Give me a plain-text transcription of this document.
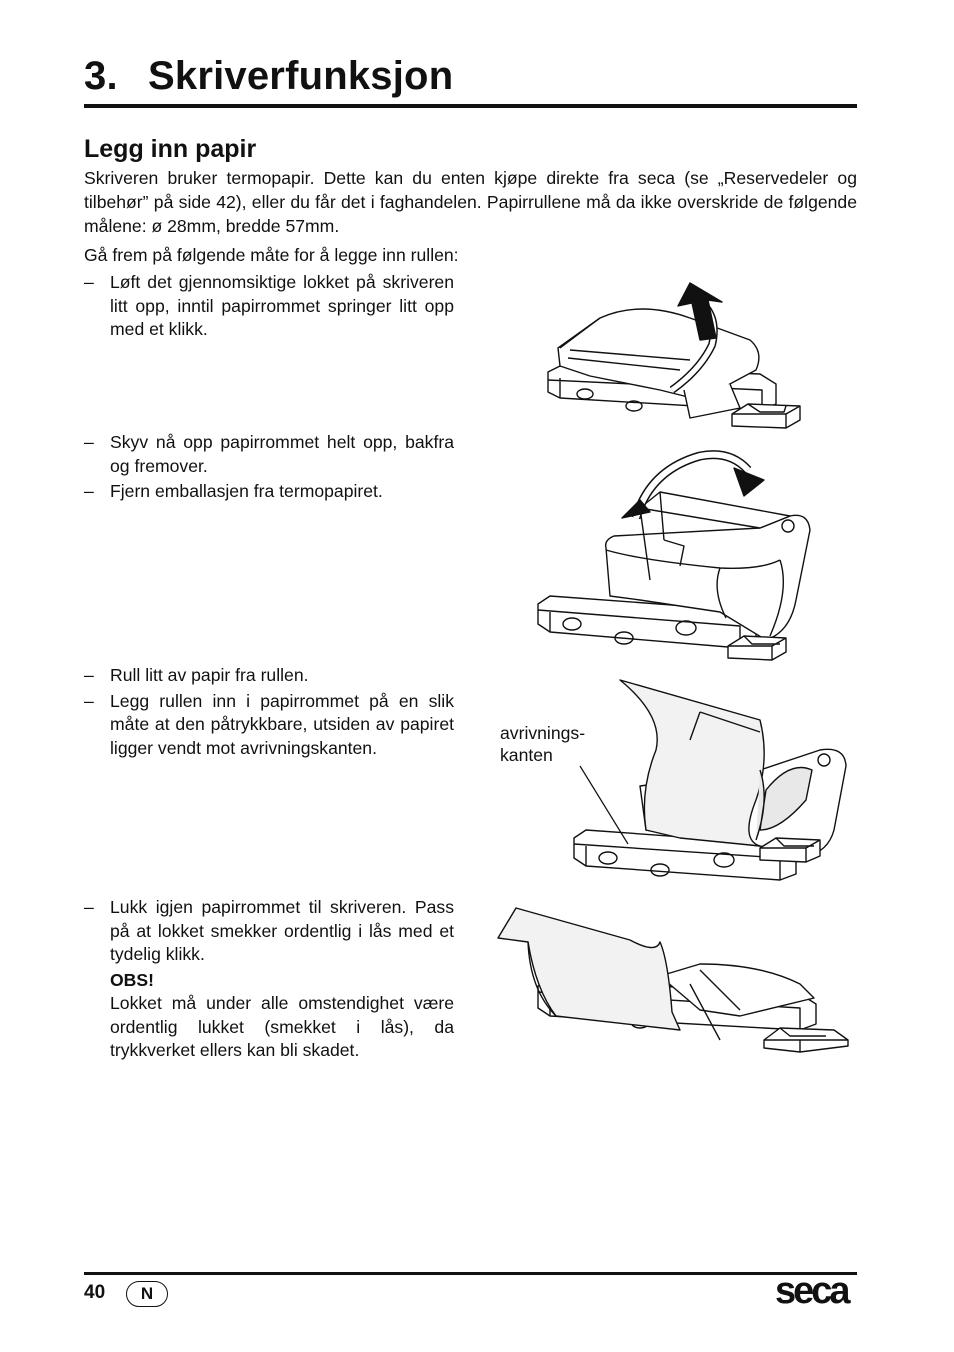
3. Skriverfunksjon
Legg inn papir
Skriveren bruker termopapir. Dette kan du enten kjøpe direkte fra seca (se „Reservedeler og tilbehør” på side 42), eller du får det i faghandelen. Papirrullene må da ikke overskride de følgende målene: ø 28mm, bredde 57mm.
Gå frem på følgende måte for å legge inn rullen:
– Løft det gjennomsiktige lokket på skriveren litt opp, inntil papirrommet springer litt opp med et klikk.
– Skyv nå opp papirrommet helt opp, bakfra og fremover.
– Fjern emballasjen fra termopapiret.
– Rull litt av papir fra rullen.
– Legg rullen inn i papirrommet på en slik måte at den påtrykkbare, utsiden av papiret ligger vendt mot avrivningskanten.
– Lukk igjen papirrommet til skriveren. Pass på at lokket smekker ordentlig i lås med et tydelig klikk.
OBS!
Lokket må under alle omstendighet være ordentlig lukket (smekket i lås), da trykkverket ellers kan bli skadet.
avrivnings-
kanten
40	N	seca
